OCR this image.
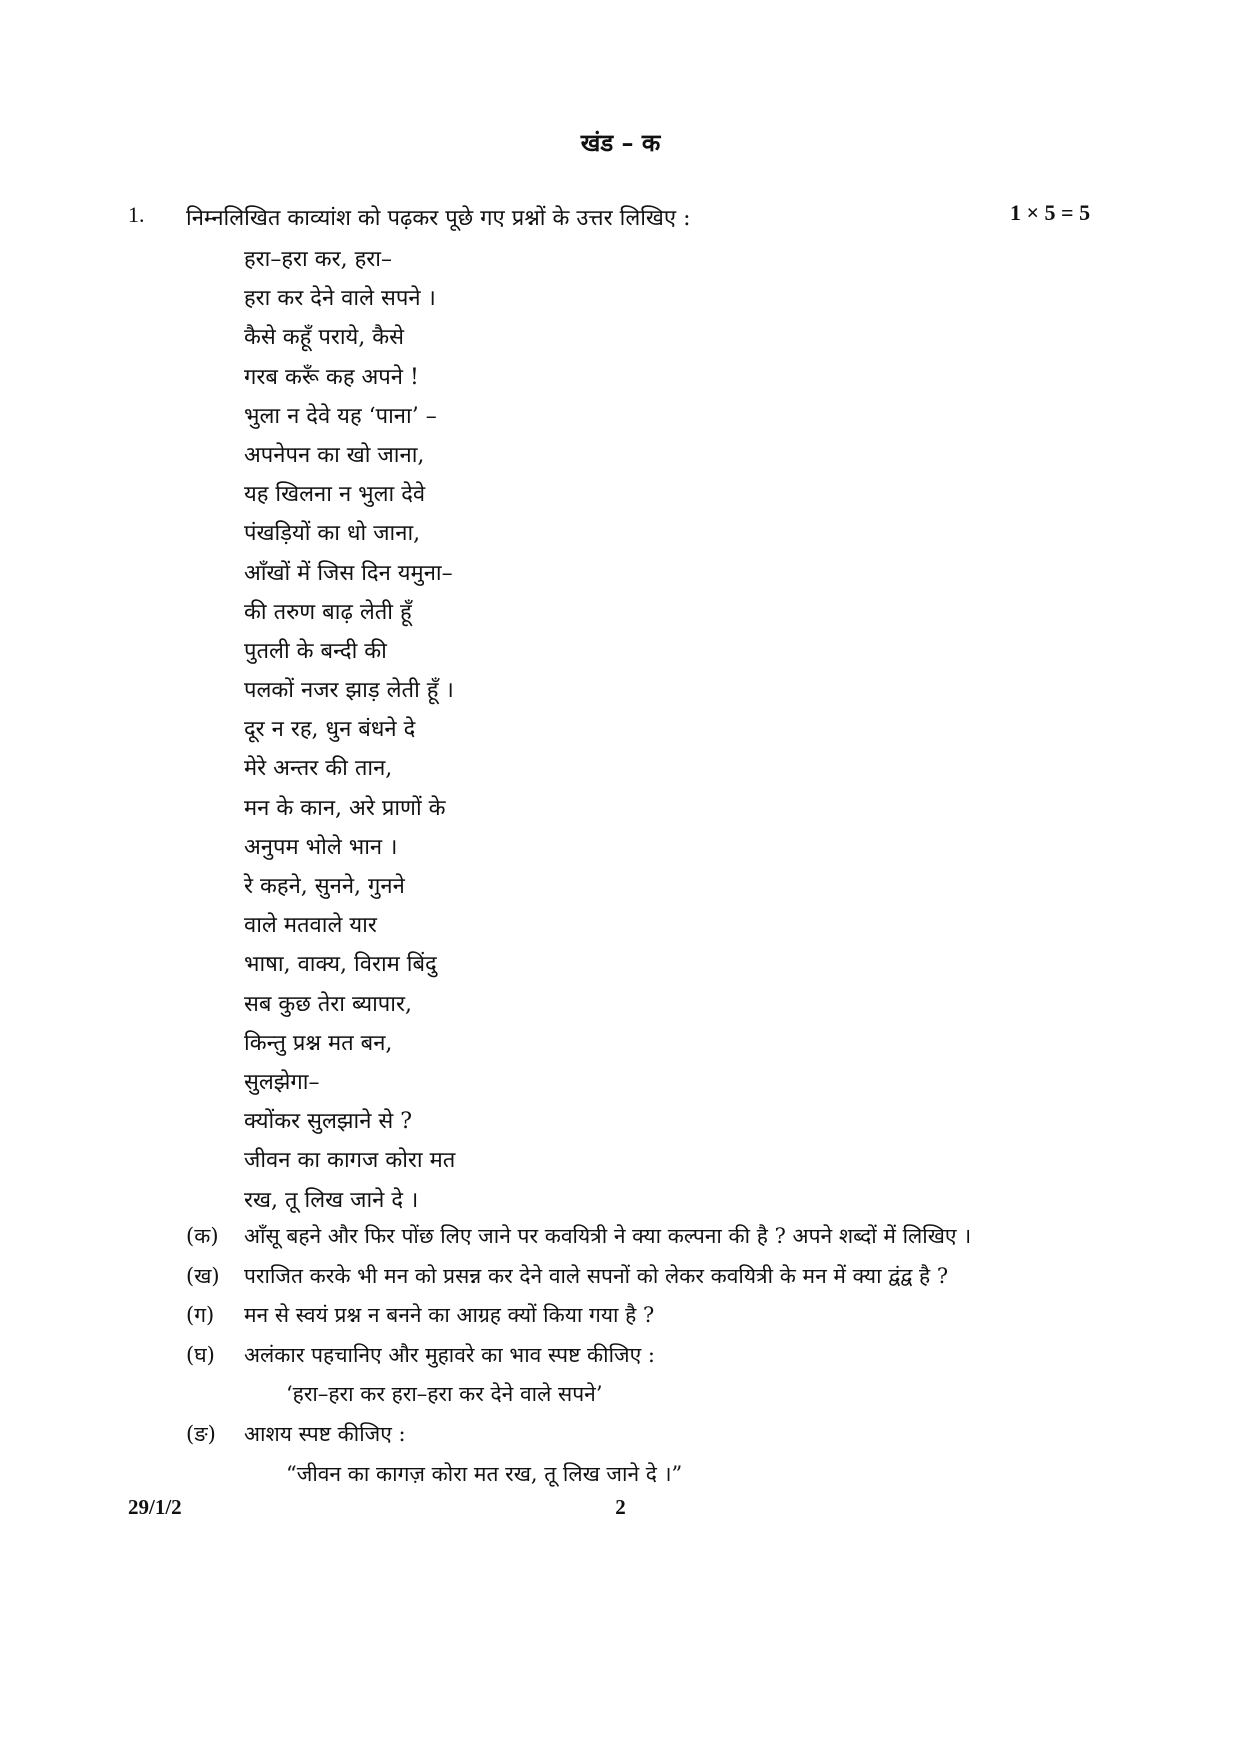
खंड – क
1. निम्नलिखित काव्यांश को पढ़कर पूछे गए प्रश्नों के उत्तर लिखिए :	1 × 5 = 5
हरा–हरा कर, हरा–
हरा कर देने वाले सपने ।
कैसे कहूँ पराये, कैसे
गरब करूँ कह अपने !
भुला न देवे यह ‘पाना’ –
अपनेपन का खो जाना,
यह खिलना न भुला देवे
पंखड़ियों का धो जाना,
आँखों में जिस दिन यमुना–
की तरुण बाढ़ लेती हूँ
पुतली के बन्दी की
पलकों नजर झाड़ लेती हूँ ।
दूर न रह, धुन बंधने दे
मेरे अन्तर की तान,
मन के कान, अरे प्राणों के
अनुपम भोले भान ।
रे कहने, सुनने, गुनने
वाले मतवाले यार
भाषा, वाक्य, विराम बिंदु
सब कुछ तेरा ब्यापार,
किन्तु प्रश्न मत बन,
सुलझेगा–
क्योंकर सुलझाने से ?
जीवन का कागज कोरा मत
रख, तू लिख जाने दे ।
(क)	आँसू बहने और फिर पोंछ लिए जाने पर कवयित्री ने क्या कल्पना की है ? अपने शब्दों में लिखिए ।
(ख)	पराजित करके भी मन को प्रसन्न कर देने वाले सपनों को लेकर कवयित्री के मन में क्या द्वंद्व है ?
(ग)	मन से स्वयं प्रश्न न बनने का आग्रह क्यों किया गया है ?
(घ)	अलंकार पहचानिए और मुहावरे का भाव स्पष्ट कीजिए :
‘हरा–हरा कर हरा–हरा कर देने वाले सपने’
(ङ)	आशय स्पष्ट कीजिए :
“जीवन का कागज़ कोरा मत रख, तू लिख जाने दे ।”
29/1/2	2
